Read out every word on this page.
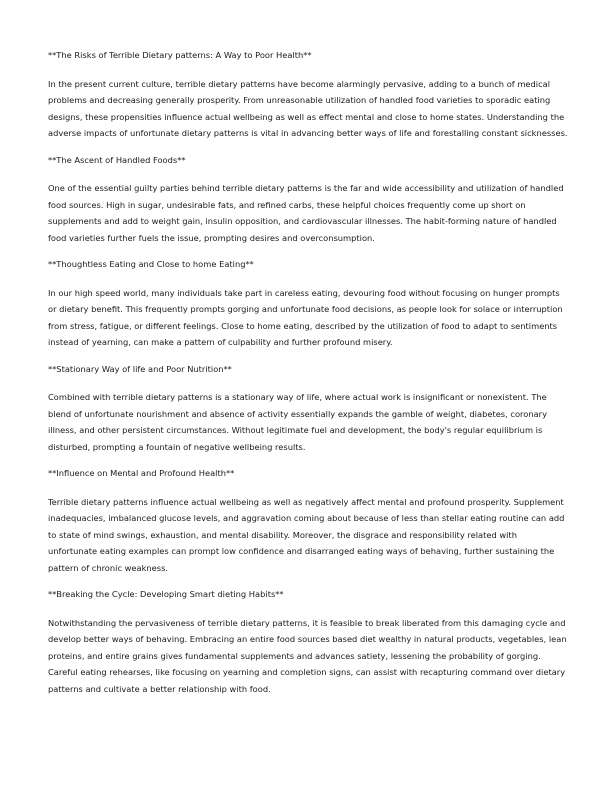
**The Risks of Terrible Dietary patterns: A Way to Poor Health**

In the present current culture, terrible dietary patterns have become alarmingly pervasive, adding to a bunch of medical problems and decreasing generally prosperity. From unreasonable utilization of handled food varieties to sporadic eating designs, these propensities influence actual wellbeing as well as effect mental and close to home states. Understanding the adverse impacts of unfortunate dietary patterns is vital in advancing better ways of life and forestalling constant sicknesses.

**The Ascent of Handled Foods**

One of the essential guilty parties behind terrible dietary patterns is the far and wide accessibility and utilization of handled food sources. High in sugar, undesirable fats, and refined carbs, these helpful choices frequently come up short on supplements and add to weight gain, insulin opposition, and cardiovascular illnesses. The habit-forming nature of handled food varieties further fuels the issue, prompting desires and overconsumption.

**Thoughtless Eating and Close to home Eating**

In our high speed world, many individuals take part in careless eating, devouring food without focusing on hunger prompts or dietary benefit. This frequently prompts gorging and unfortunate food decisions, as people look for solace or interruption from stress, fatigue, or different feelings. Close to home eating, described by the utilization of food to adapt to sentiments instead of yearning, can make a pattern of culpability and further profound misery.

**Stationary Way of life and Poor Nutrition**

Combined with terrible dietary patterns is a stationary way of life, where actual work is insignificant or nonexistent. The blend of unfortunate nourishment and absence of activity essentially expands the gamble of weight, diabetes, coronary illness, and other persistent circumstances. Without legitimate fuel and development, the body's regular equilibrium is disturbed, prompting a fountain of negative wellbeing results.

**Influence on Mental and Profound Health**

Terrible dietary patterns influence actual wellbeing as well as negatively affect mental and profound prosperity. Supplement inadequacies, imbalanced glucose levels, and aggravation coming about because of less than stellar eating routine can add to state of mind swings, exhaustion, and mental disability. Moreover, the disgrace and responsibility related with unfortunate eating examples can prompt low confidence and disarranged eating ways of behaving, further sustaining the pattern of chronic weakness.

**Breaking the Cycle: Developing Smart dieting Habits**

Notwithstanding the pervasiveness of terrible dietary patterns, it is feasible to break liberated from this damaging cycle and develop better ways of behaving. Embracing an entire food sources based diet wealthy in natural products, vegetables, lean proteins, and entire grains gives fundamental supplements and advances satiety, lessening the probability of gorging. Careful eating rehearses, like focusing on yearning and completion signs, can assist with recapturing command over dietary patterns and cultivate a better relationship with food.
